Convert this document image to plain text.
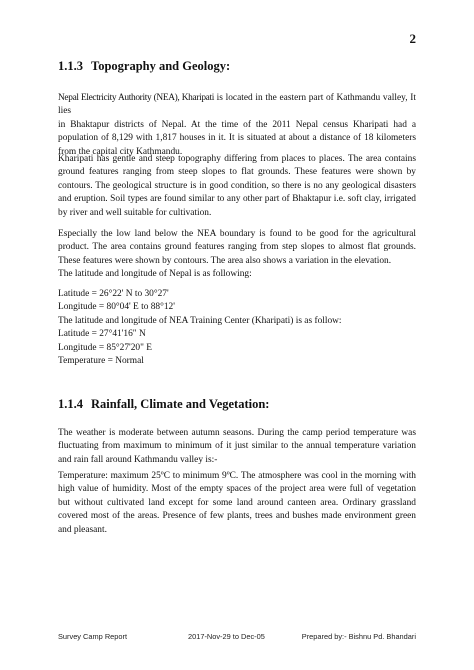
2
1.1.3 Topography and Geology:
Nepal Electricity Authority (NEA), Kharipati is located in the eastern part of Kathmandu valley, It lies
in Bhaktapur districts of Nepal. At the time of the 2011 Nepal census Kharipati had a
population of 8,129 with 1,817 houses in it. It is situated at about a distance of 18 kilometers
from the capital city Kathmandu.
Kharipati has gentle and steep topography differing from places to places. The area contains
ground features ranging from steep slopes to flat grounds. These features were shown by
contours. The geological structure is in good condition, so there is no any geological disasters
and eruption. Soil types are found similar to any other part of Bhaktapur i.e. soft clay, irrigated
by river and well suitable for cultivation.
Especially the low land below the NEA boundary is found to be good for the agricultural
product. The area contains ground features ranging from step slopes to almost flat grounds.
These features were shown by contours. The area also shows a variation in the elevation.
The latitude and longitude of Nepal is as following:
Latitude = 26°22' N to 30°27'
Longitude = 80°04' E to 88°12'
The latitude and longitude of NEA Training Center (Kharipati) is as follow:
Latitude = 27°41'16" N
Longitude = 85°27'20" E
Temperature = Normal
1.1.4 Rainfall, Climate and Vegetation:
The weather is moderate between autumn seasons. During the camp period temperature was
fluctuating from maximum to minimum of it just similar to the annual temperature variation
and rain fall around Kathmandu valley is:-
Temperature: maximum 25ºC to minimum 9ºC. The atmosphere was cool in the morning with
high value of humidity. Most of the empty spaces of the project area were full of vegetation
but without cultivated land except for some land around canteen area. Ordinary grassland
covered most of the areas. Presence of few plants, trees and bushes made environment green
and pleasant.
Survey Camp Report	2017-Nov-29 to Dec-05	Prepared by:- Bishnu Pd. Bhandari
